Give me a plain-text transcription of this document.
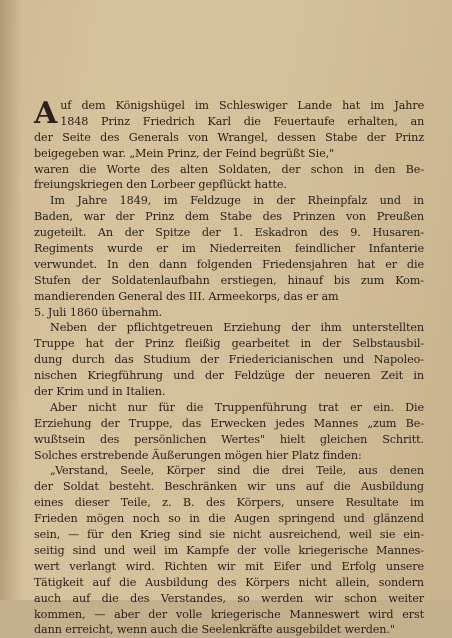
A uf dem Königshügel im Schleswiger Lande hat im Jahre
1848 Prinz Friedrich Karl die Feuertaufe erhalten, an
der Seite des Generals von Wrangel, dessen Stabe der Prinz
beigegeben war. „Mein Prinz, der Feind begrüßt Sie,"
waren die Worte des alten Soldaten, der schon in den Be-
freiungskriegen den Lorbeer gepflückt hatte.
Im Jahre 1849, im Feldzuge in der Rheinpfalz und in
Baden, war der Prinz dem Stabe des Prinzen von Preußen
zugeteilt. An der Spitze der 1. Eskadron des 9. Husaren-
Regiments wurde er im Niederreiten feindlicher Infanterie
verwundet. In den dann folgenden Friedensjahren hat er die
Stufen der Soldatenlaufbahn erstiegen, hinauf bis zum Kom-
mandierenden General des III. Armeekorps, das er am
5. Juli 1860 übernahm.
Neben der pflichtgetreuen Erziehung der ihm unterstellten
Truppe hat der Prinz fleißig gearbeitet in der Selbstausbil-
dung durch das Studium der Friedericianischen und Napoleo-
nischen Kriegführung und der Feldzüge der neueren Zeit in
der Krim und in Italien.
Aber nicht nur für die Truppenführung trat er ein. Die
Erziehung der Truppe, das Erwecken jedes Mannes „zum Be-
wußtsein des persönlichen Wertes" hielt gleichen Schritt.
Solches erstrebende Äußerungen mögen hier Platz finden:
„Verstand, Seele, Körper sind die drei Teile, aus denen
der Soldat besteht. Beschränken wir uns auf die Ausbildung
eines dieser Teile, z. B. des Körpers, unsere Resultate im
Frieden mögen noch so in die Augen springend und glänzend
sein, — für den Krieg sind sie nicht ausreichend, weil sie ein-
seitig sind und weil im Kampfe der volle kriegerische Mannes-
wert verlangt wird. Richten wir mit Eifer und Erfolg unsere
Tätigkeit auf die Ausbildung des Körpers nicht allein, sondern
auch auf die des Verstandes, so werden wir schon weiter
kommen, — aber der volle kriegerische Manneswert wird erst
dann erreicht, wenn auch die Seelenkräfte ausgebildet werden."
